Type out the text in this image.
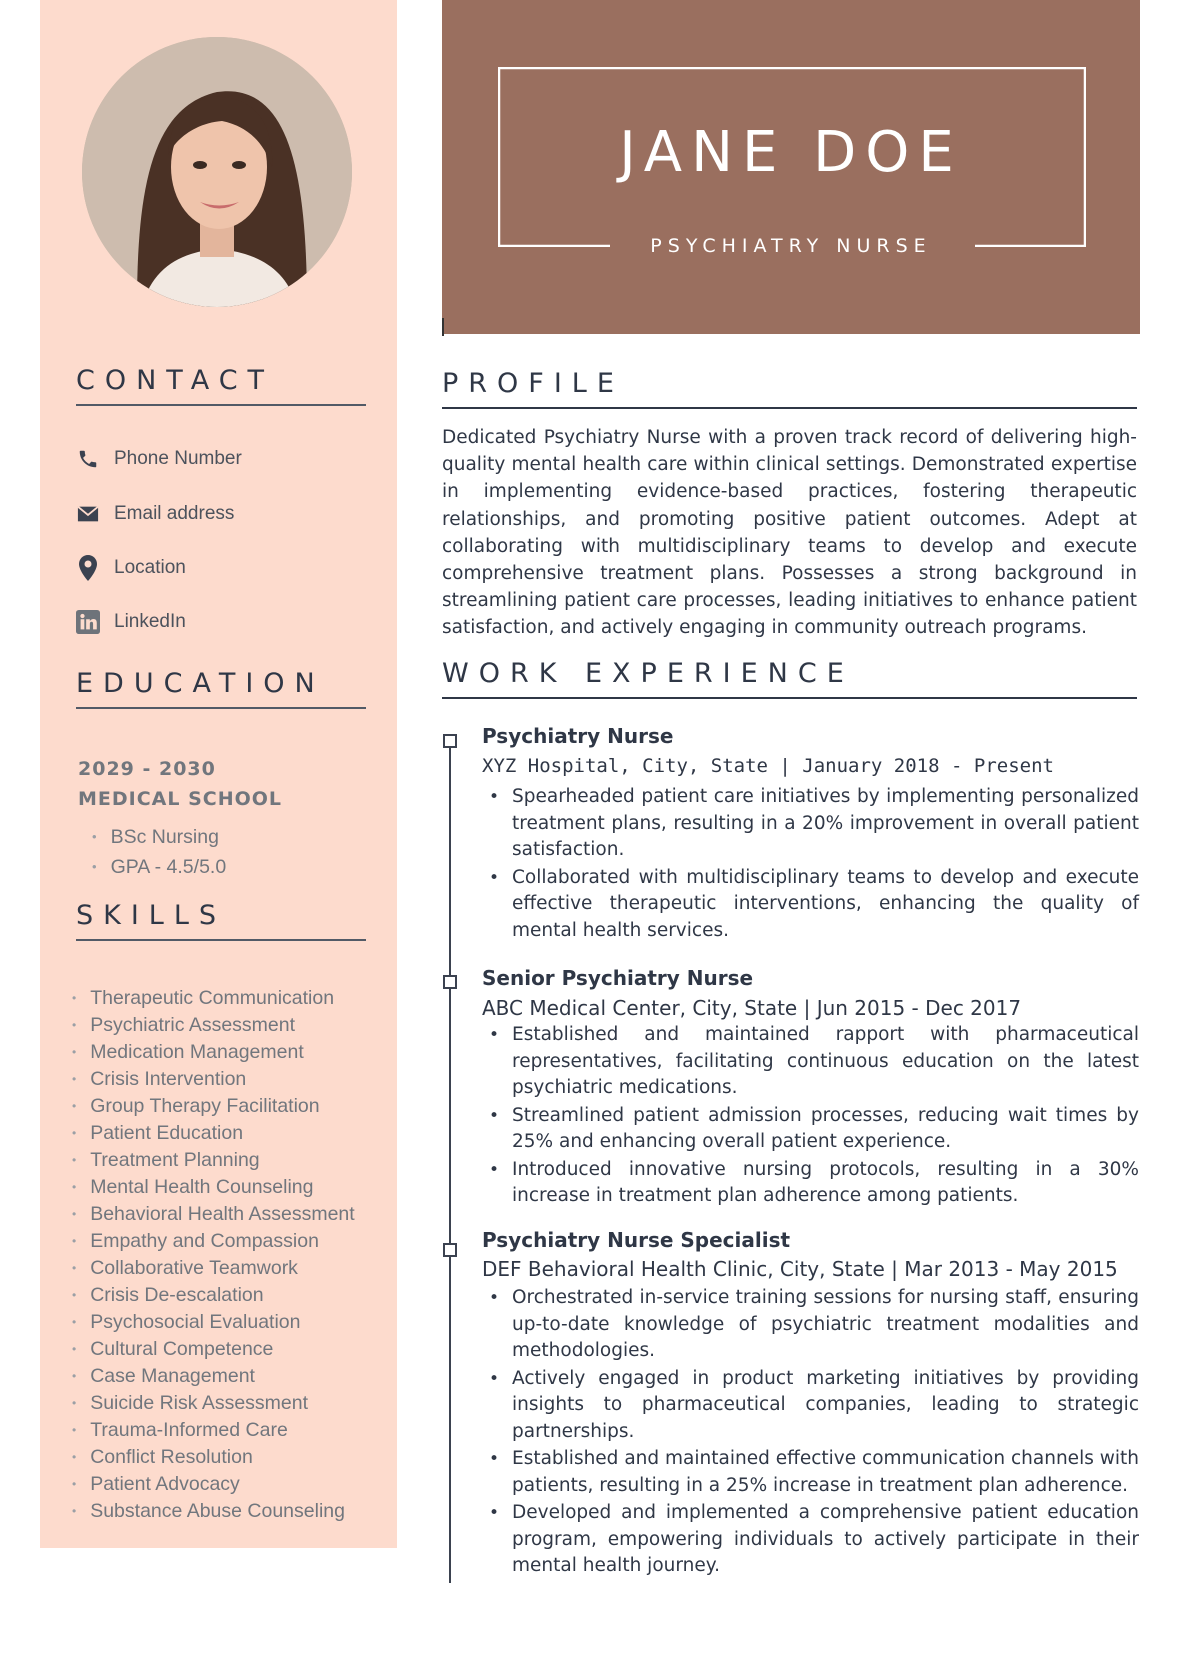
CONTACT
Phone Number
Email address
Location
LinkedIn
EDUCATION
2029 - 2030
MEDICAL SCHOOL
• BSc Nursing
• GPA - 4.5/5.0
SKILLS
• Therapeutic Communication
• Psychiatric Assessment
• Medication Management
• Crisis Intervention
• Group Therapy Facilitation
• Patient Education
• Treatment Planning
• Mental Health Counseling
• Behavioral Health Assessment
• Empathy and Compassion
• Collaborative Teamwork
• Crisis De-escalation
• Psychosocial Evaluation
• Cultural Competence
• Case Management
• Suicide Risk Assessment
• Trauma-Informed Care
• Conflict Resolution
• Patient Advocacy
• Substance Abuse Counseling
JANE DOE
PSYCHIATRY NURSE
PROFILE

Dedicated Psychiatry Nurse with a proven track record of delivering high-quality mental health care within clinical settings. Demonstrated expertise in implementing evidence-based practices, fostering therapeutic relationships, and promoting positive patient outcomes. Adept at collaborating with multidisciplinary teams to develop and execute comprehensive treatment plans. Possesses a strong background in streamlining patient care processes, leading initiatives to enhance patient satisfaction, and actively engaging in community outreach programs.

WORK EXPERIENCE
Psychiatry Nurse
XYZ Hospital, City, State | January 2018 - Present
• Spearheaded patient care initiatives by implementing personalized treatment plans, resulting in a 20% improvement in overall patient satisfaction.
• Collaborated with multidisciplinary teams to develop and execute effective therapeutic interventions, enhancing the quality of mental health services.
Senior Psychiatry Nurse
ABC Medical Center, City, State | Jun 2015 - Dec 2017
• Established and maintained rapport with pharmaceutical representatives, facilitating continuous education on the latest psychiatric medications.
• Streamlined patient admission processes, reducing wait times by 25% and enhancing overall patient experience.
• Introduced innovative nursing protocols, resulting in a 30% increase in treatment plan adherence among patients.
Psychiatry Nurse Specialist
DEF Behavioral Health Clinic, City, State | Mar 2013 - May 2015
• Orchestrated in-service training sessions for nursing staff, ensuring up-to-date knowledge of psychiatric treatment modalities and methodologies.
• Actively engaged in product marketing initiatives by providing insights to pharmaceutical companies, leading to strategic partnerships.
• Established and maintained effective communication channels with patients, resulting in a 25% increase in treatment plan adherence.
• Developed and implemented a comprehensive patient education program, empowering individuals to actively participate in their mental health journey.
